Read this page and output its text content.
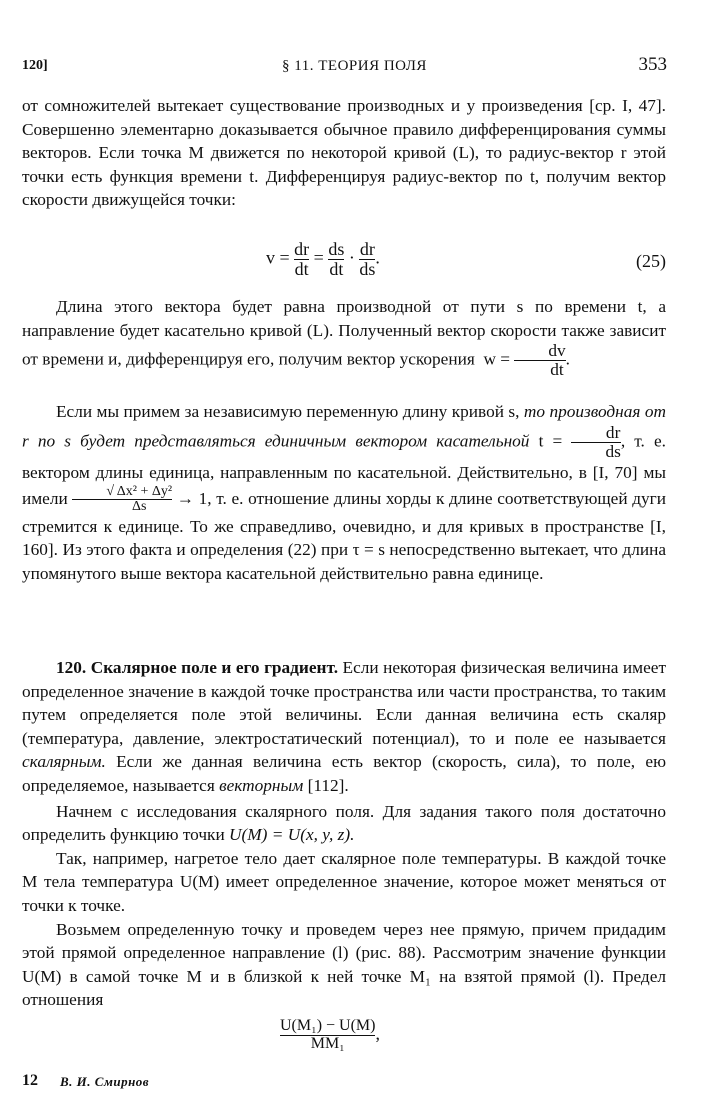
120]	§ 11. ТЕОРИЯ ПОЛЯ	353

от сомножителей вытекает существование производных и у произведения [ср. I, 47]. Совершенно элементарно доказывается обычное правило дифференцирования суммы векторов. Если точка M движется по некоторой кривой (L), то радиус-вектор r этой точки есть функция времени t. Дифференцируя радиус-вектор по t, получим вектор скорости движущейся точки:

$v = \frac{dr}{dt} = \frac{ds}{dt} \cdot \frac{dr}{ds}$ .	(25)

Длина этого вектора будет равна производной от пути s по времени t, а направление будет касательно кривой (L). Полученный вектор скорости также зависит от времени и, дифференцируя его, получим вектор ускорения $w = \frac{dv}{dt}$ .

Если мы примем за независимую переменную длину кривой s, то производная от r по s будет представляться единичным вектором касательной $t = \frac{dr}{ds}$ , т. е. вектором длины единица, направленным по касательной. Действительно, в [I, 70] мы имели $\frac{\text{√ Δx² + Δy²}}{\Delta s} \to 1$, т. е. отношение длины хорды к длине соответствующей дуги стремится к единице. То же справедливо, очевидно, и для кривых в пространстве [I, 160]. Из этого факта и определения (22) при τ = s непосредственно вытекает, что длина упомянутого выше вектора касательной действительно равна единице.

120. Скалярное поле и его градиент. Если некоторая физическая величина имеет определенное значение в каждой точке пространства или части пространства, то таким путем определяется поле этой величины. Если данная величина есть скаляр (температура, давление, электростатический потенциал), то и поле ее называется скалярным. Если же данная величина есть вектор (скорость, сила), то поле, ею определяемое, называется векторным [112].

Начнем с исследования скалярного поля. Для задания такого поля достаточно определить функцию точки U(M) = U(x, y, z).

Так, например, нагретое тело дает скалярное поле температуры. В каждой точке M тела температура U(M) имеет определенное значение, которое может меняться от точки к точке.

Возьмем определенную точку и проведем через нее прямую, причем придадим этой прямой определенное направление (l) (рис. 88). Рассмотрим значение функции U(M) в самой точке M и в близкой к ней точке M₁ на взятой прямой (l). Предел отношения

$\frac{\text{U(M₁) − U(M)}}{\text{MM₁}}$ ,
12 В. И. Смирнов
